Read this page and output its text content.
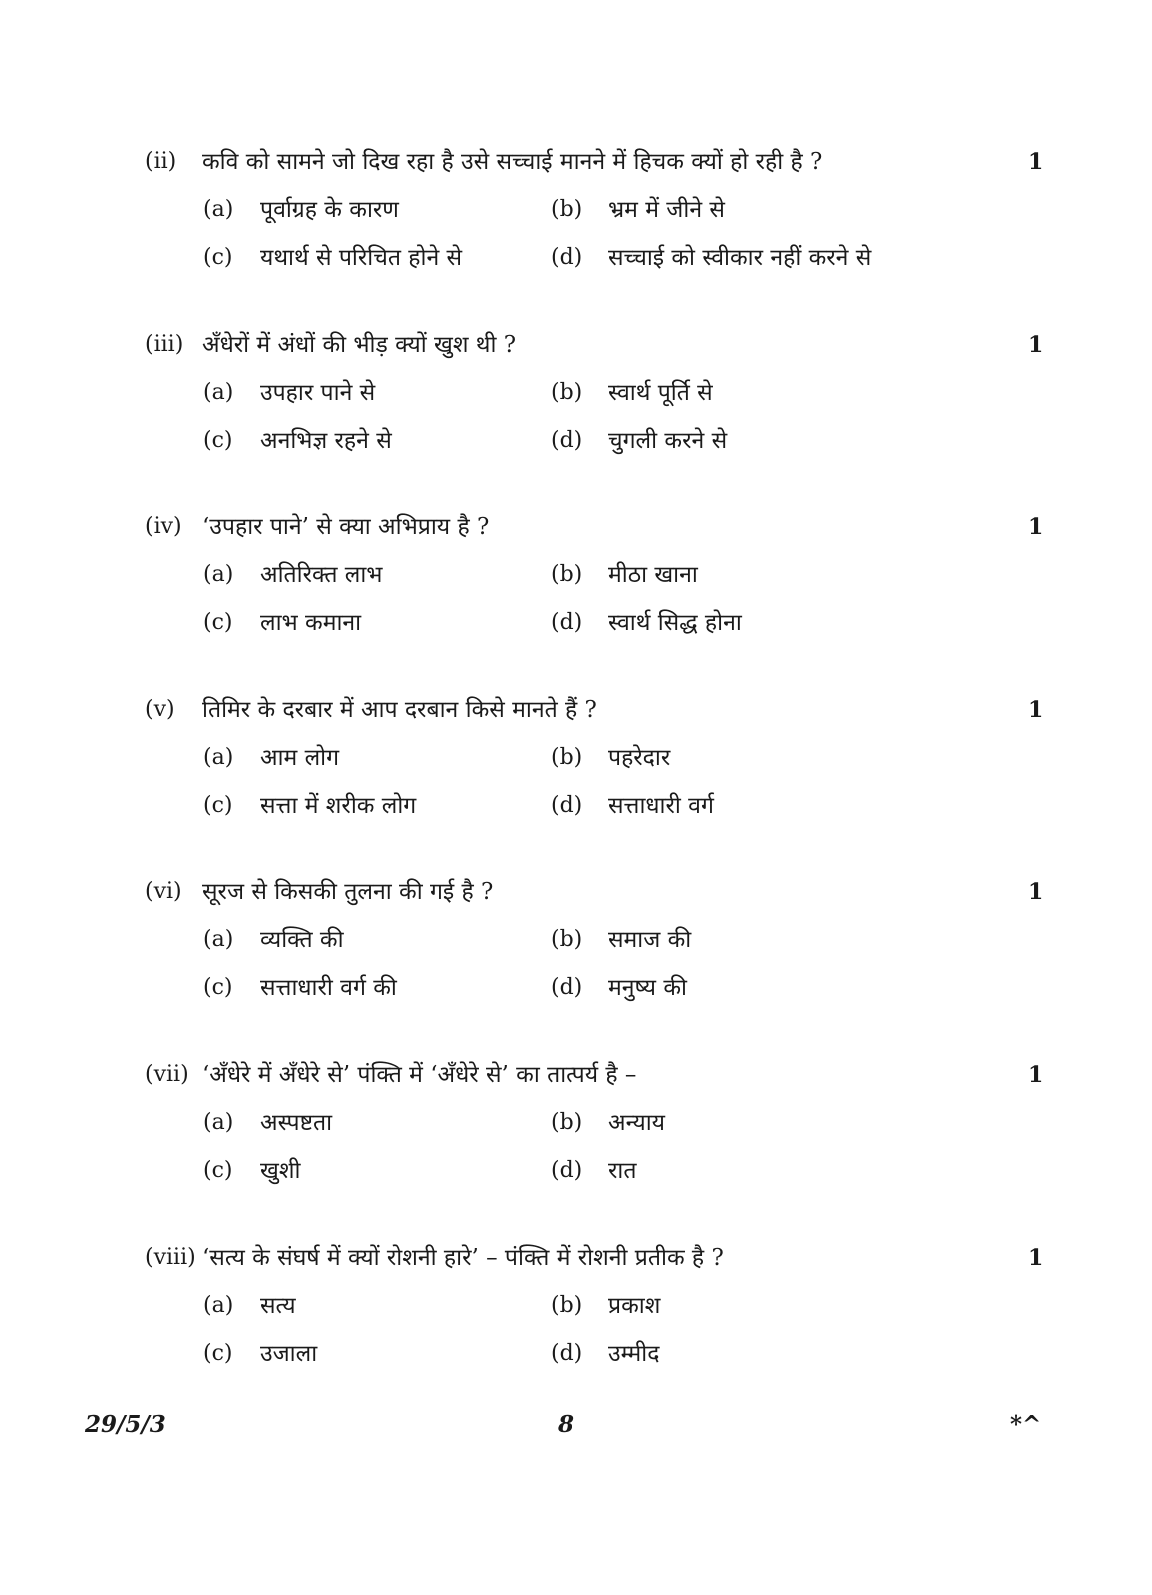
(ii) कवि को सामने जो दिख रहा है उसे सच्चाई मानने में हिचक क्यों हो रही है ?	1
(a) पूर्वाग्रह के कारण	(b) भ्रम में जीने से
(c) यथार्थ से परिचित होने से	(d) सच्चाई को स्वीकार नहीं करने से
(iii) अँधेरों में अंधों की भीड़ क्यों खुश थी ?	1
(a) उपहार पाने से	(b) स्वार्थ पूर्ति से
(c) अनभिज्ञ रहने से	(d) चुगली करने से
(iv) ‘उपहार पाने’ से क्या अभिप्राय है ?	1
(a) अतिरिक्त लाभ	(b) मीठा खाना
(c) लाभ कमाना	(d) स्वार्थ सिद्ध होना
(v) तिमिर के दरबार में आप दरबान किसे मानते हैं ?	1
(a) आम लोग	(b) पहरेदार
(c) सत्ता में शरीक लोग	(d) सत्ताधारी वर्ग
(vi) सूरज से किसकी तुलना की गई है ?	1
(a) व्यक्ति की	(b) समाज की
(c) सत्ताधारी वर्ग की	(d) मनुष्य की
(vii) ‘अँधेरे में अँधेरे से’ पंक्ति में ‘अँधेरे से’ का तात्पर्य है –	1
(a) अस्पष्टता	(b) अन्याय
(c) खुशी	(d) रात
(viii) ‘सत्य के संघर्ष में क्यों रोशनी हारे’ – पंक्ति में रोशनी प्रतीक है ?	1
(a) सत्य	(b) प्रकाश
(c) उजाला	(d) उम्मीद
29/5/3	8	*^
